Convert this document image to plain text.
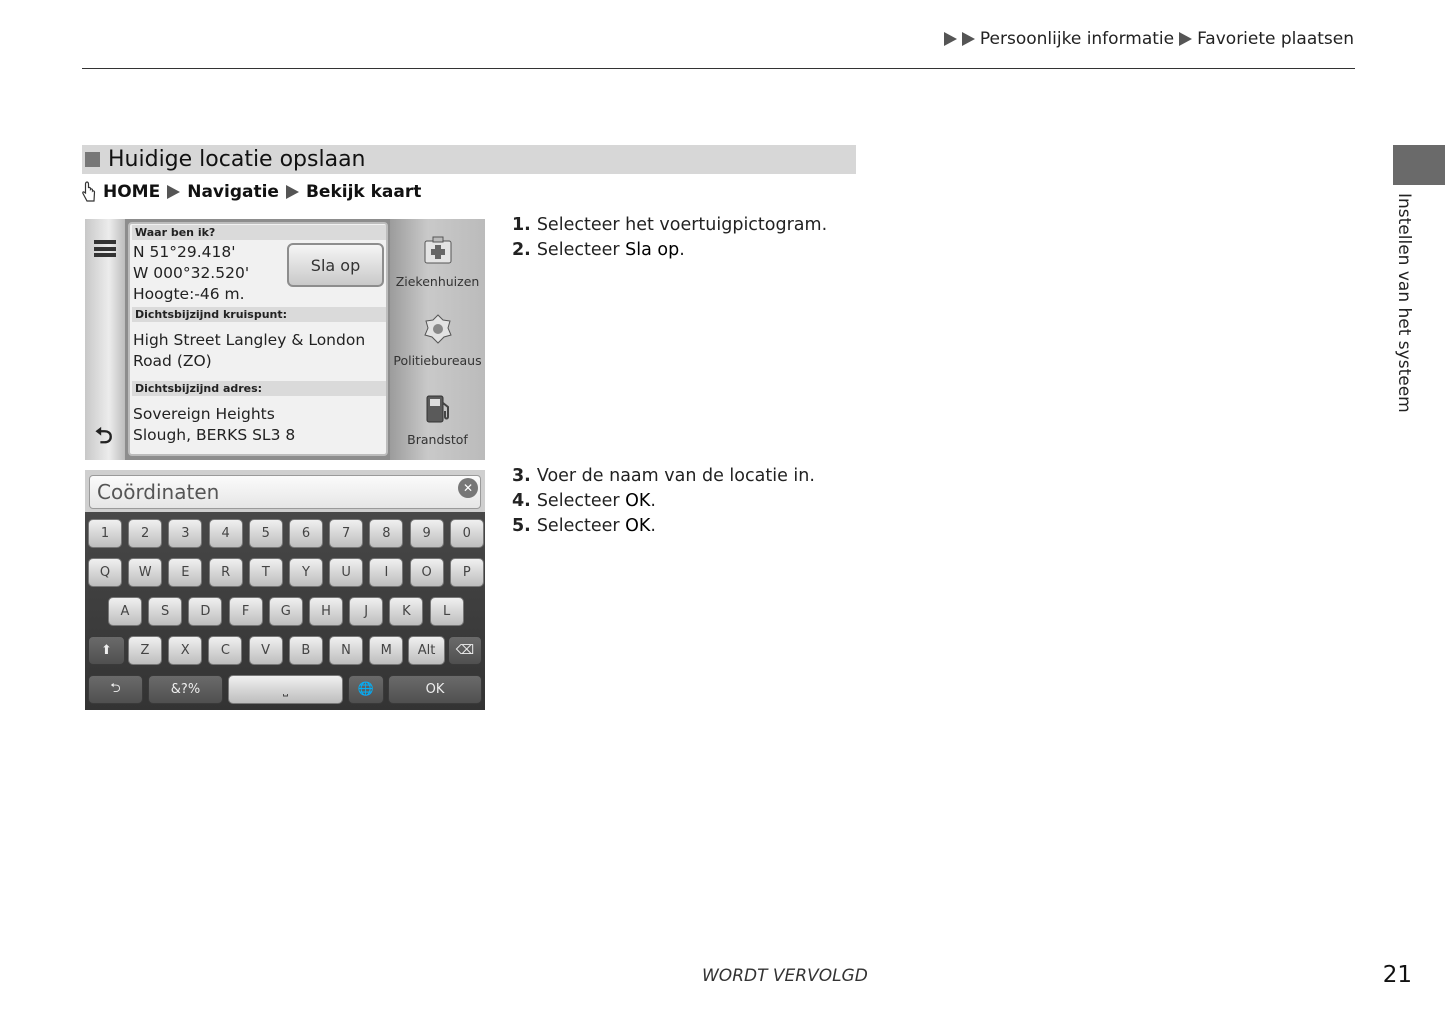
Persoonlijke informatie Favoriete plaatsen
Huidige locatie opslaan
HOME Navigatie Bekijk kaart
⮌
Waar ben ik?
N 51°29.418'
W 000°32.520'
Hoogte:-46 m.
Sla op
Dichtsbijzijnd kruispunt:
High Street Langley & London
Road (ZO)
Dichtsbijzijnd adres:
Sovereign Heights
Slough, BERKS SL3 8
Ziekenhuizen
Politiebureaus
Brandstof
Coördinaten	✕
1	2	3	4	5	6	7	8	9	0
Q	W	E	R	T	Y	U	I	O	P
A	S	D	F	G	H	J	K	L
Z	X	C	V	B	N	M
⬆	Alt	⌫
⮌	&?%	⎵	🌐	OK
1. Selecteer het voertuigpictogram.
2. Selecteer Sla op.
3. Voer de naam van de locatie in.
4. Selecteer OK.
5. Selecteer OK.
Instellen van het systeem
WORDT VERVOLGD	21
